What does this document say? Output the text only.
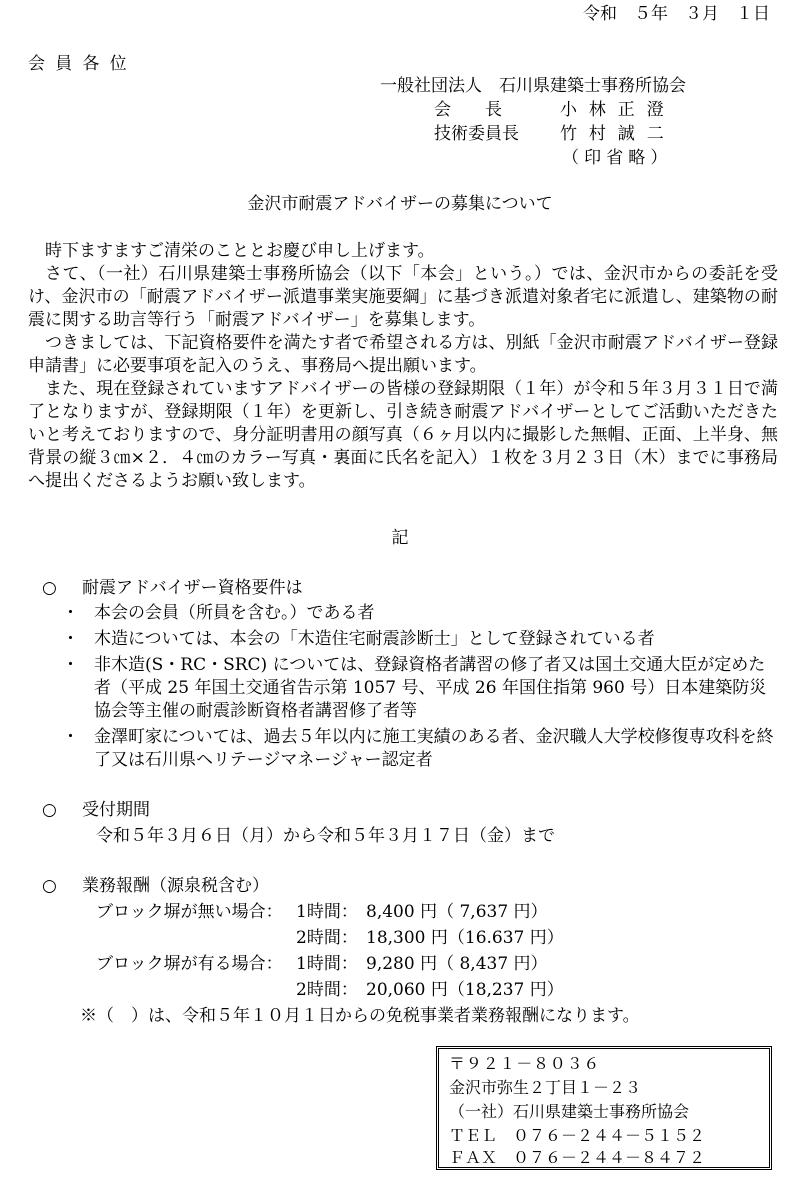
令和　５年　３月　１日
会員各位
一般社団法人　石川県建築士事務所協会
会　　長	小林正澄
技術委員長 竹村誠二
（印省略）
金沢市耐震アドバイザーの募集について

時下ますますご清栄のこととお慶び申し上げます。

さて、（一社）石川県建築士事務所協会（以下「本会」という。）では、金沢市からの委託を受け、金沢市の「耐震アドバイザー派遣事業実施要綱」に基づき派遣対象者宅に派遣し、建築物の耐震に関する助言等行う「耐震アドバイザー」を募集します。

つきましては、下記資格要件を満たす者で希望される方は、別紙「金沢市耐震アドバイザー登録申請書」に必要事項を記入のうえ、事務局へ提出願います。

また、現在登録されていますアドバイザーの皆様の登録期限（１年）が令和５年３月３１日で満了となりますが、登録期限（１年）を更新し、引き続き耐震アドバイザーとしてご活動いただきたいと考えておりますので、身分証明書用の顔写真（６ヶ月以内に撮影した無帽、正面、上半身、無背景の縦３㎝×２．４㎝のカラー写真・裏面に氏名を記入）１枚を３月２３日（木）までに事務局へ提出くださるようお願い致します。

記
○ 耐震アドバイザー資格要件は
・ 本会の会員（所員を含む。）である者
・ 木造については、本会の「木造住宅耐震診断士」として登録されている者
・ 非木造(S・RC・SRC) については、登録資格者講習の修了者又は国土交通大臣が定めた者（平成 25 年国土交通省告示第 1057 号、平成 26 年国住指第 960 号）日本建築防災協会等主催の耐震診断資格者講習修了者等
・ 金澤町家については、過去５年以内に施工実績のある者、金沢職人大学校修復専攻科を終了又は石川県ヘリテージマネージャー認定者
○ 受付期間
令和５年３月６日（月）から令和５年３月１７日（金）まで
○ 業務報酬（源泉税含む）
ブロック塀が無い場合： 1時間： 8,400 円（ 7,637 円）
2時間： 18,300 円（16.637 円）
ブロック塀が有る場合： 1時間： 9,280 円（ 8,437 円）
2時間： 20,060 円（18,237 円）
※（　）は、令和５年１０月１日からの免税事業者業務報酬になります。
〒９２１－８０３６
金沢市弥生２丁目１－２３
（一社）石川県建築士事務所協会
ＴＥＬ　０７６－２４４－５１５２
ＦＡＸ　０７６－２４４－８４７２
